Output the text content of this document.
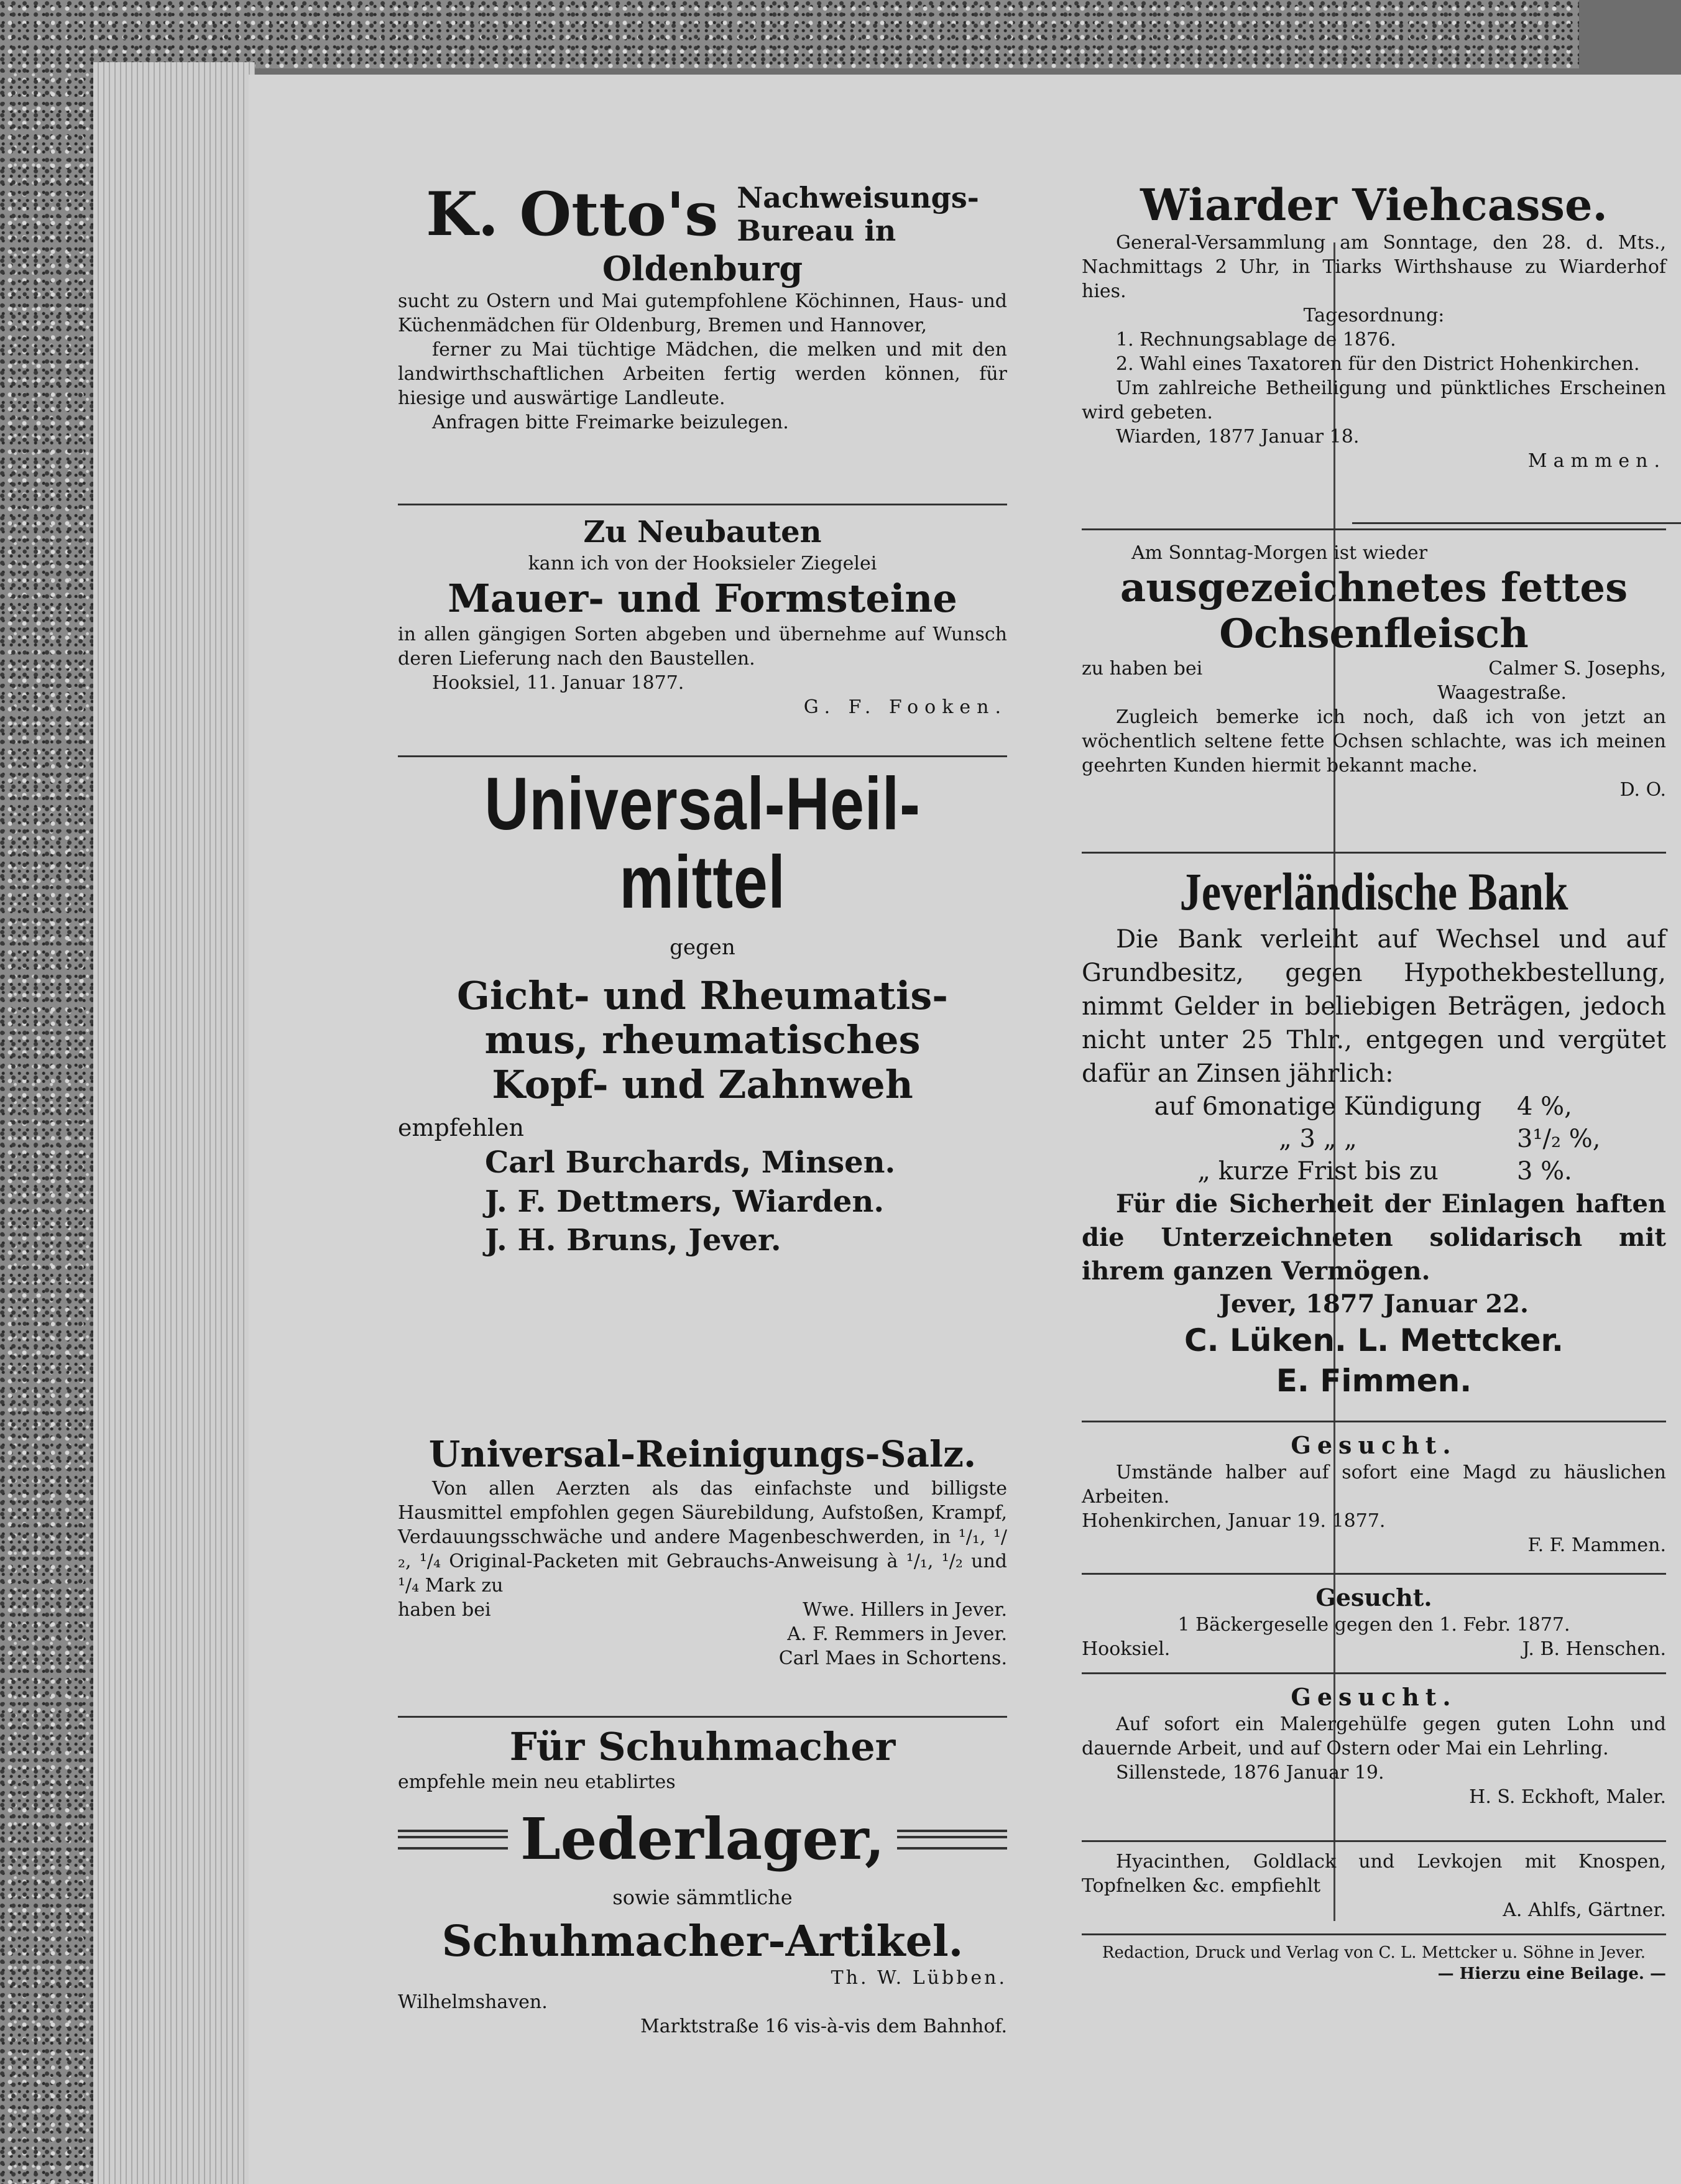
K. Otto's Nachweisungs-
Bureau in
Oldenburg

sucht zu Ostern und Mai gutempfohlene Köchinnen, Haus- und Küchenmädchen für Oldenburg, Bremen und Hannover,

ferner zu Mai tüchtige Mädchen, die melken und mit den landwirthschaftlichen Arbeiten fertig werden können, für hiesige und auswärtige Landleute.

Anfragen bitte Freimarke beizulegen.

Zu Neubauten
kann ich von der Hooksieler Ziegelei
Mauer- und Formsteine

in allen gängigen Sorten abgeben und übernehme auf Wunsch deren Lieferung nach den Baustellen.

Hooksiel, 11. Januar 1877.

G. F. Fooken.

Universal-Heil-
mittel
gegen
Gicht- und Rheumatis-
mus, rheumatisches
Kopf- und Zahnweh
empfehlen
Carl Burchards, Minsen.
J. F. Dettmers, Wiarden.
J. H. Bruns, Jever.
Universal-Reinigungs-Salz.

Von allen Aerzten als das einfachste und billigste Hausmittel empfohlen gegen Säurebildung, Aufstoßen, Krampf, Verdauungsschwäche und andere Magenbeschwerden, in ¹/₁, ¹/₂, ¹/₄ Original-Packeten mit Gebrauchs-Anweisung à ¹/₁, ¹/₂ und ¹/₄ Mark zu

haben bei	Wwe. Hillers in Jever.

A. F. Remmers in Jever.

Carl Maes in Schortens.

Für Schuhmacher
empfehle mein neu etablirtes
Lederlager,
sowie sämmtliche
Schuhmacher-Artikel.

Th. W. Lübben.

Wilhelmshaven.

Marktstraße 16 vis-à-vis dem Bahnhof.

Wiarder Viehcasse.

General-Versammlung am Sonntage, den 28. d. Mts., Nachmittags 2 Uhr, in Tiarks Wirthshause zu Wiarderhof hies.

Tagesordnung:

1. Rechnungsablage de 1876.

2. Wahl eines Taxatoren für den District Hohenkirchen.

Um zahlreiche Betheiligung und pünktliches Erscheinen wird gebeten.

Wiarden, 1877 Januar 18.

Mammen.

Am Sonntag-Morgen ist wieder
ausgezeichnetes fettes
Ochsenfleisch
zu haben bei	Calmer S. Josephs,

Waagestraße.

Zugleich bemerke ich noch, daß ich von jetzt an wöchentlich seltene fette Ochsen schlachte, was ich meinen geehrten Kunden hiermit bekannt mache.

D. O.

Jeverländische Bank

Die Bank verleiht auf Wechsel und auf Grundbesitz, gegen Hypothekbestellung, nimmt Gelder in beliebigen Beträgen, jedoch nicht unter 25 Thlr., entgegen und vergütet dafür an Zinsen jährlich:

auf 6monatige Kündigung	4 %,
„ 3 „ „	3¹/₂ %,
„ kurze Frist bis zu	3 %.

Für die Sicherheit der Einlagen haften die Unterzeichneten solidarisch mit ihrem ganzen Vermögen.

Jever, 1877 Januar 22.

C. Lüken. L. Mettcker.

E. Fimmen.

Gesucht.

Umstände halber auf sofort eine Magd zu häuslichen Arbeiten.

Hohenkirchen, Januar 19. 1877.

F. F. Mammen.

Gesucht.

1 Bäckergeselle gegen den 1. Febr. 1877.

Hooksiel.	J. B. Henschen.
Gesucht.

Auf sofort ein Malergehülfe gegen guten Lohn und dauernde Arbeit, und auf Ostern oder Mai ein Lehrling.

Sillenstede, 1876 Januar 19.

H. S. Eckhoft, Maler.

Hyacinthen, Goldlack und Levkojen mit Knospen, Topfnelken &c. empfiehlt

A. Ahlfs, Gärtner.

Redaction, Druck und Verlag von C. L. Mettcker u. Söhne in Jever.

— Hierzu eine Beilage. —
